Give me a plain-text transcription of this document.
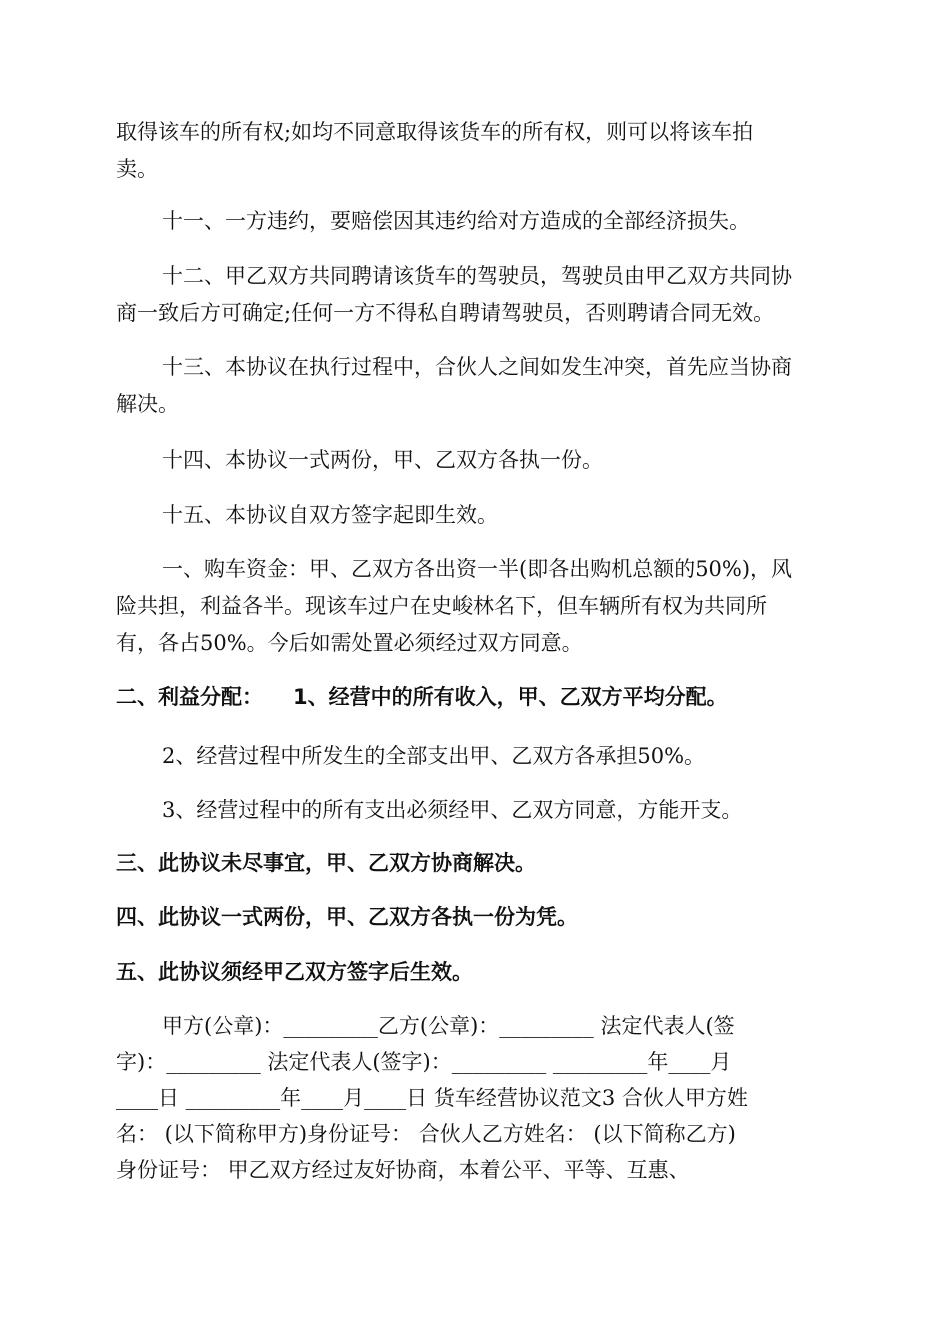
取得该车的所有权;如均不同意取得该货车的所有权，则可以将该车拍
卖。

十一、一方违约，要赔偿因其违约给对方造成的全部经济损失。

十二、甲乙双方共同聘请该货车的驾驶员，驾驶员由甲乙双方共同协
商一致后方可确定;任何一方不得私自聘请驾驶员，否则聘请合同无效。

十三、本协议在执行过程中，合伙人之间如发生冲突，首先应当协商
解决。

十四、本协议一式两份，甲、乙双方各执一份。

十五、本协议自双方签字起即生效。

一、购车资金：甲、乙双方各出资一半(即各出购机总额的50%)，风
险共担，利益各半。现该车过户在史峻林名下，但车辆所有权为共同所
有，各占50%。今后如需处置必须经过双方同意。

二、利益分配： 1、经营中的所有收入，甲、乙双方平均分配。

2、经营过程中所发生的全部支出甲、乙双方各承担50%。

3、经营过程中的所有支出必须经甲、乙双方同意，方能开支。

三、此协议未尽事宜，甲、乙双方协商解决。

四、此协议一式两份，甲、乙双方各执一份为凭。

五、此协议须经甲乙双方签字后生效。

甲方(公章)：_________乙方(公章)：_________ 法定代表人(签
字)：_________ 法定代表人(签字)：_________ _________年____月
____日 _________年____月____日 货车经营协议范文3 合伙人甲方姓
名： (以下简称甲方)身份证号： 合伙人乙方姓名： (以下简称乙方)
身份证号： 甲乙双方经过友好协商，本着公平、平等、互惠、
